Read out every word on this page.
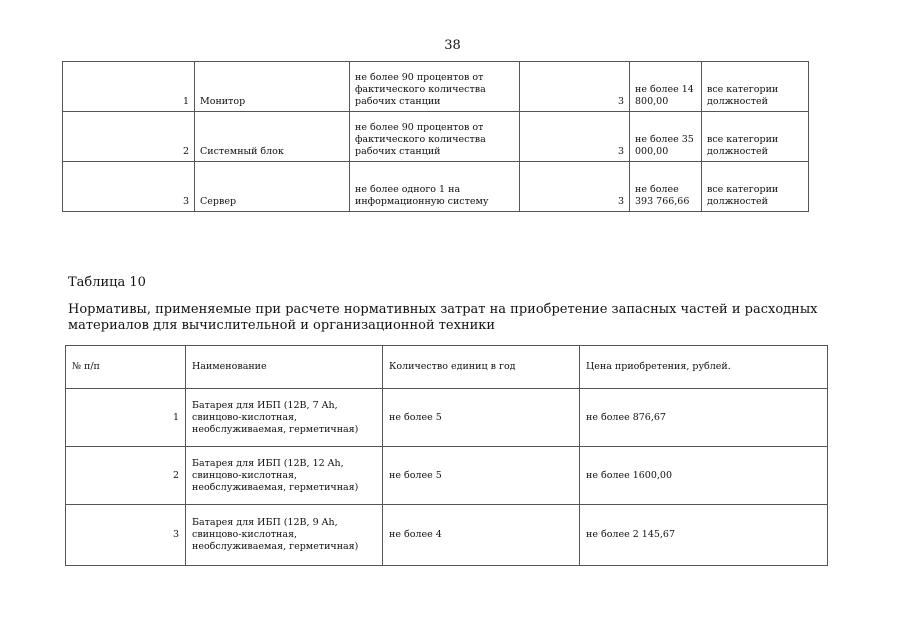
38
1	Монитор	не более 90 процентов от фактического количества рабочих станции	3	не более 14 800,00	все категории должностей
2	Системный блок	не более 90 процентов от фактического количества рабочих станций	3	не более 35 000,00	все категории должностей
3	Сервер	не более одного 1 на информационную систему	3	не более 393 766,66	все категории должностей
Таблица 10
Нормативы, применяемые при расчете нормативных затрат на приобретение запасных частей и расходных материалов для вычислительной и организационной техники
№ п/п	Наименование	Количество единиц в год	Цена приобретения, рублей.
1	Батарея для ИБП (12В, 7 Ah, свинцово-кислотная, необслуживаемая, герметичная)	не более 5	не более 876,67
2	Батарея для ИБП (12В, 12 Ah, свинцово-кислотная, необслуживаемая, герметичная)	не более 5	не более 1600,00
3	Батарея для ИБП (12В, 9 Ah, свинцово-кислотная, необслуживаемая, герметичная)	не более 4	не более 2 145,67
